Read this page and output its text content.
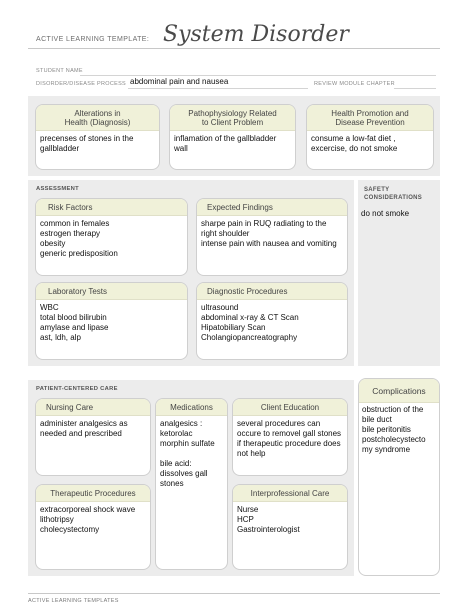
ACTIVE LEARNING TEMPLATE: System Disorder
STUDENT NAME
DISORDER/DISEASE PROCESS abdominal pain and nausea	REVIEW MODULE CHAPTER
Alterations in
Health (Diagnosis)
precenses of stones in the gallbladder
Pathophysiology Related
to Client Problem
inflamation of the gallbladder wall
Health Promotion and
Disease Prevention
consume a low-fat diet , excercise, do not smoke
ASSESSMENT
Risk Factors
common in females
estrogen therapy
obesity
generic predisposition
Expected Findings
sharpe pain in RUQ radiating to the right shoulder
intense pain with nausea and vomiting
Laboratory Tests
WBC
total blood bilirubin
amylase and lipase
ast, ldh, alp
Diagnostic Procedures
ultrasound
abdominal x-ray & CT Scan
Hipatobiliary Scan
Cholangiopancreatography
SAFETY
CONSIDERATIONS
do not smoke
PATIENT-CENTERED CARE
Nursing Care
administer analgesics as needed and prescribed
Medications
analgesics :
ketorolac
morphin sulfate

bile acid:
dissolves gall stones
Client Education
several procedures can occure to removel gall stones if therapeutic procedure does not help
Therapeutic Procedures
extracorporeal shock wave
lithotripsy
cholecystectomy
Interprofessional Care
Nurse
HCP
Gastrointerologist
Complications
obstruction of the bile duct
bile peritonitis
postcholecystecto my syndrome
ACTIVE LEARNING TEMPLATES
